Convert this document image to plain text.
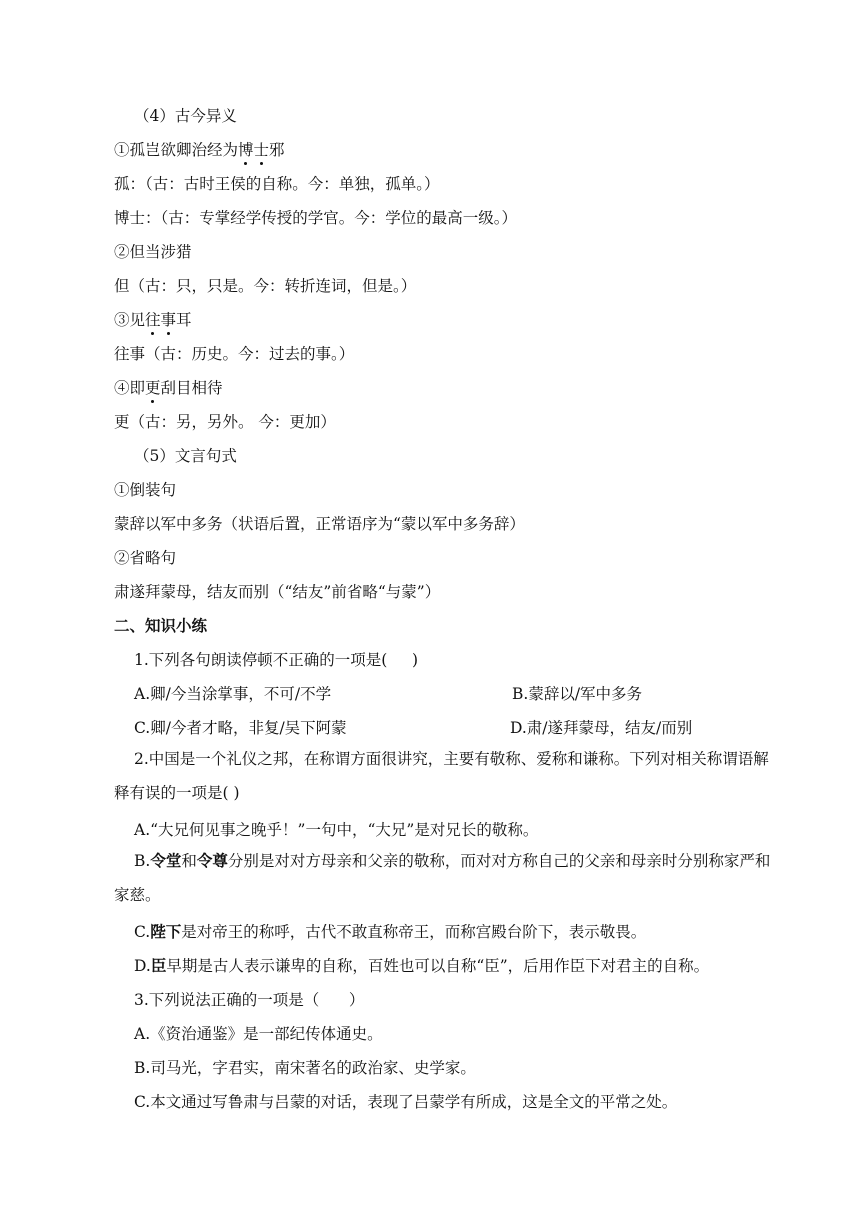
（4）古今异义
①孤岂欲卿治经为博士邪
孤：（古：古时王侯的自称。今：单独，孤单。）
博士：（古：专掌经学传授的学官。今：学位的最高一级。）
②但当涉猎
但（古：只，只是。今：转折连词，但是。）
③见往事耳
往事（古：历史。今：过去的事。）
④即更刮目相待
更（古：另，另外。 今：更加）
（5）文言句式
①倒装句
蒙辞以军中多务（状语后置，正常语序为“蒙以军中多务辞）
②省略句
肃遂拜蒙母，结友而别（“结友”前省略“与蒙”）
二、知识小练
1.下列各句朗读停顿不正确的一项是(     )
A.卿/今当涂掌事，不可/不学	B.蒙辞以/军中多务
C.卿/今者才略，非复/吴下阿蒙	D.肃/遂拜蒙母，结友/而别
2.中国是一个礼仪之邦，在称谓方面很讲究，主要有敬称、爱称和谦称。下列对相关称谓语解释有误的一项是( )
A.“大兄何见事之晚乎！”一句中，“大兄”是对兄长的敬称。
B.令堂和令尊分别是对对方母亲和父亲的敬称，而对对方称自己的父亲和母亲时分别称家严和家慈。
C.陛下是对帝王的称呼，古代不敢直称帝王，而称宫殿台阶下，表示敬畏。
D.臣早期是古人表示谦卑的自称，百姓也可以自称“臣”，后用作臣下对君主的自称。
3.下列说法正确的一项是（      ）
A.《资治通鉴》是一部纪传体通史。
B.司马光，字君实，南宋著名的政治家、史学家。
C.本文通过写鲁肃与吕蒙的对话，表现了吕蒙学有所成，这是全文的平常之处。
